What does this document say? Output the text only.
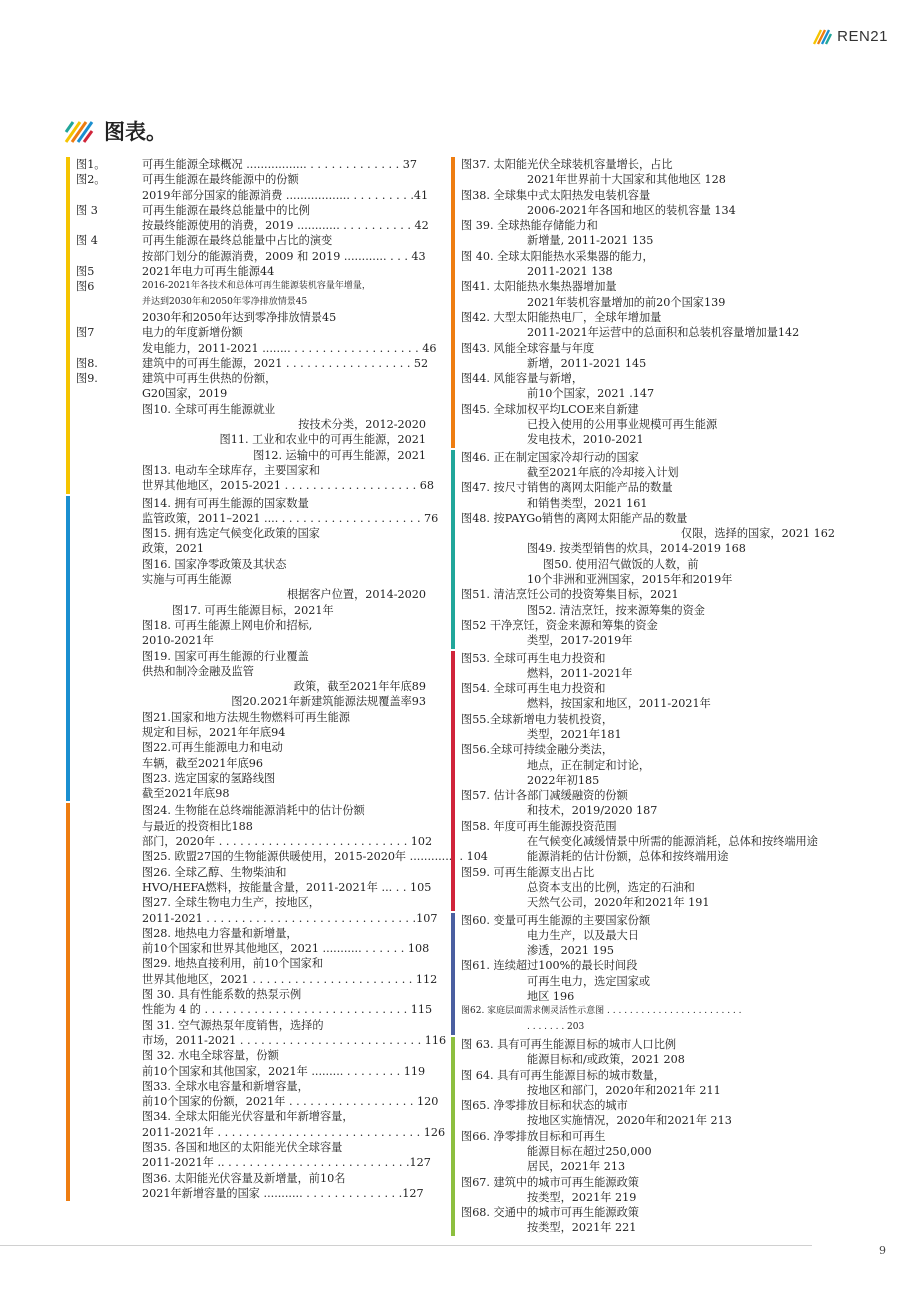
REN21
图表。
图1。	可再生能源全球概况 ................. . . . . . . . . . . . . . 37
图2。	可再生能源在最终能源中的份额
2019年部分国家的能源消费 .................. . . . . . . . . .41
图 3	可再生能源在最终总能量中的比例
按最终能源使用的消费，2019 ............ . . . . . . . . . . 42
图 4	可再生能源在最终总能量中占比的演变
按部门划分的能源消费，2009 和 2019 ............ . . . 43
图5	2021年电力可再生能源44
图6	2016-2021年各技术和总体可再生能源装机容量年增量，
并达到2030年和2050年零净排放情景45
2030年和2050年达到零净排放情景45
图7	电力的年度新增份额
发电能力，2011-2021 ........ . . . . . . . . . . . . . . . . . . 46
图8.	建筑中的可再生能源，2021 . . . . . . . . . . . . . . . . . . 52
图9.	建筑中可再生供热的份额，
G20国家，2019
图10. 全球可再生能源就业
按技术分类，2012-2020
图11. 工业和农业中的可再生能源，2021
图12. 运输中的可再生能源，2021
图13. 电动车全球库存，主要国家和
世界其他地区，2015-2021 . . . . . . . . . . . . . . . . . . . 68
图14. 拥有可再生能源的国家数量
监管政策，2011–2021 .... . . . . . . . . . . . . . . . . . . . . 76
图15. 拥有选定气候变化政策的国家
政策，2021
图16. 国家净零政策及其状态
实施与可再生能源
根据客户位置，2014-2020
图17. 可再生能源目标，2021年
图18. 可再生能源上网电价和招标,
2010-2021年
图19. 国家可再生能源的行业覆盖
供热和制冷金融及监管
政策，截至2021年年底89
图20.2021年新建筑能源法规覆盖率93
图21.国家和地方法规生物燃料可再生能源
规定和目标，2021年年底94
图22.可再生能源电力和电动
车辆，截至2021年底96
图23. 选定国家的氢路线图
截至2021年底98
图24. 生物能在总终端能源消耗中的估计份额
与最近的投资相比188
部门，2020年 . . . . . . . . . . . . . . . . . . . . . . . . . . . 102
图25. 欧盟27国的生物能源供暖使用，2015-2020年 ............. . 104
图26. 全球乙醇、生物柴油和
HVO/HEFA燃料，按能量含量，2011-2021年 ... . . 105
图27. 全球生物电力生产，按地区，
2011-2021 . . . . . . . . . . . . . . . . . . . . . . . . . . . . . .107
图28. 地热电力容量和新增量，
前10个国家和世界其他地区，2021 ........... . . . . . . 108
图29. 地热直接利用，前10个国家和
世界其他地区，2021 . . . . . . . . . . . . . . . . . . . . . . . 112
图 30. 具有性能系数的热泵示例
性能为 4 的 . . . . . . . . . . . . . . . . . . . . . . . . . . . . . 115
图 31. 空气源热泵年度销售，选择的
市场，2011-2021 . . . . . . . . . . . . . . . . . . . . . . . . . . 116
图 32. 水电全球容量，份额
前10个国家和其他国家，2021年 ......... . . . . . . . . 119
图33. 全球水电容量和新增容量，
前10个国家的份额，2021年 . . . . . . . . . . . . . . . . . . 120
图34. 全球太阳能光伏容量和年新增容量，
2011-2021年 . . . . . . . . . . . . . . . . . . . . . . . . . . . . . 126
图35. 各国和地区的太阳能光伏全球容量
2011-2021年 .. . . . . . . . . . . . . . . . . . . . . . . . . . .127
图36. 太阳能光伏容量及新增量，前10名
2021年新增容量的国家 ........... . . . . . . . . . . . . . .127
图37. 太阳能光伏全球装机容量增长，占比
2021年世界前十大国家和其他地区 128
图38. 全球集中式太阳热发电装机容量
2006-2021年各国和地区的装机容量 134
图 39. 全球热能存储能力和
新增量, 2011-2021 135
图 40. 全球太阳能热水采集器的能力，
2011-2021 138
图41. 太阳能热水集热器增加量
2021年装机容量增加的前20个国家139
图42. 大型太阳能热电厂，全球年增加量
2011-2021年运营中的总面积和总装机容量增加量142
图43. 风能全球容量与年度
新增，2011-2021 145
图44. 风能容量与新增，
前10个国家，2021 .147
图45. 全球加权平均LCOE来自新建
已投入使用的公用事业规模可再生能源
发电技术，2010-2021
图46. 正在制定国家冷却行动的国家
截至2021年底的冷却接入计划
图47. 按尺寸销售的离网太阳能产品的数量
和销售类型，2021 161
图48. 按PAYGo销售的离网太阳能产品的数量
仅限，选择的国家，2021 162
图49. 按类型销售的炊具，2014-2019 168
图50. 使用沼气做饭的人数，前
10个非洲和亚洲国家，2015年和2019年
图51. 清洁烹饪公司的投资筹集目标，2021
图52. 清洁烹饪，按来源筹集的资金
图52 干净烹饪，资金来源和筹集的资金
类型，2017-2019年
图53. 全球可再生电力投资和
燃料，2011-2021年
图54. 全球可再生电力投资和
燃料，按国家和地区，2011-2021年
图55.全球新增电力装机投资，
类型，2021年181
图56.全球可持续金融分类法，
地点，正在制定和讨论，
2022年初185
图57. 估计各部门减缓融资的份额
和技术，2019/2020 187
图58. 年度可再生能源投资范围
在气候变化减缓情景中所需的能源消耗，总体和按终端用途
能源消耗的估计份额，总体和按终端用途
图59. 可再生能源支出占比
总资本支出的比例，选定的石油和
天然气公司，2020年和2021年 191
图60. 变量可再生能源的主要国家份额
电力生产，以及最大日
渗透，2021 195
图61. 连续超过100%的最长时间段
可再生电力，选定国家或
地区 196
图62. 家庭层面需求侧灵活性示意图 . . . . . . . . . . . . . . . . . . . . . . . .
. . . . . . . 203
图 63. 具有可再生能源目标的城市人口比例
能源目标和/或政策，2021 208
图 64. 具有可再生能源目标的城市数量，
按地区和部门，2020年和2021年 211
图65. 净零排放目标和状态的城市
按地区实施情况，2020年和2021年 213
图66. 净零排放目标和可再生
能源目标在超过250,000
居民，2021年 213
图67. 建筑中的城市可再生能源政策
按类型，2021年 219
图68. 交通中的城市可再生能源政策
按类型，2021年 221
9
